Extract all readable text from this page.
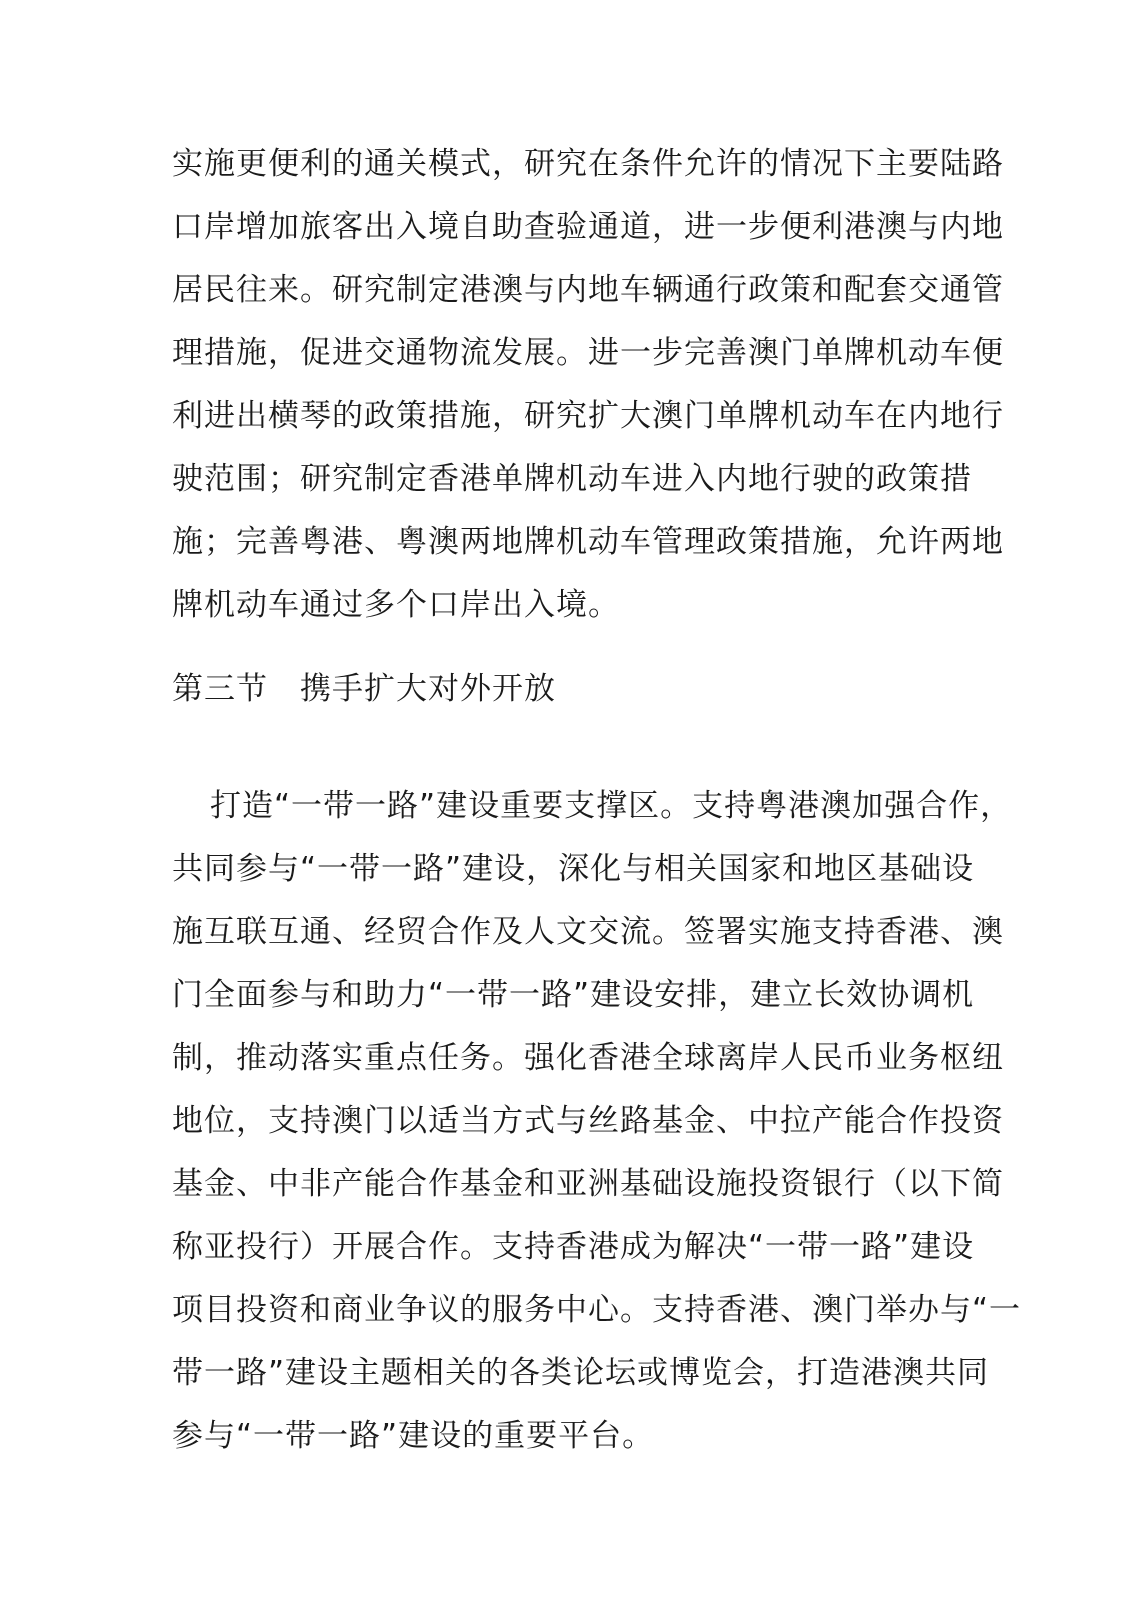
实施更便利的通关模式，研究在条件允许的情况下主要陆路
口岸增加旅客出入境自助查验通道，进一步便利港澳与内地
居民往来。研究制定港澳与内地车辆通行政策和配套交通管
理措施，促进交通物流发展。进一步完善澳门单牌机动车便
利进出横琴的政策措施，研究扩大澳门单牌机动车在内地行
驶范围；研究制定香港单牌机动车进入内地行驶的政策措
施；完善粤港、粤澳两地牌机动车管理政策措施，允许两地
牌机动车通过多个口岸出入境。
第三节 携手扩大对外开放
打造“一带一路”建设重要支撑区。支持粤港澳加强合作，
共同参与“一带一路”建设，深化与相关国家和地区基础设
施互联互通、经贸合作及人文交流。签署实施支持香港、澳
门全面参与和助力“一带一路”建设安排，建立长效协调机
制，推动落实重点任务。强化香港全球离岸人民币业务枢纽
地位，支持澳门以适当方式与丝路基金、中拉产能合作投资
基金、中非产能合作基金和亚洲基础设施投资银行（以下简
称亚投行）开展合作。支持香港成为解决“一带一路”建设
项目投资和商业争议的服务中心。支持香港、澳门举办与“一
带一路”建设主题相关的各类论坛或博览会，打造港澳共同
参与“一带一路”建设的重要平台。
